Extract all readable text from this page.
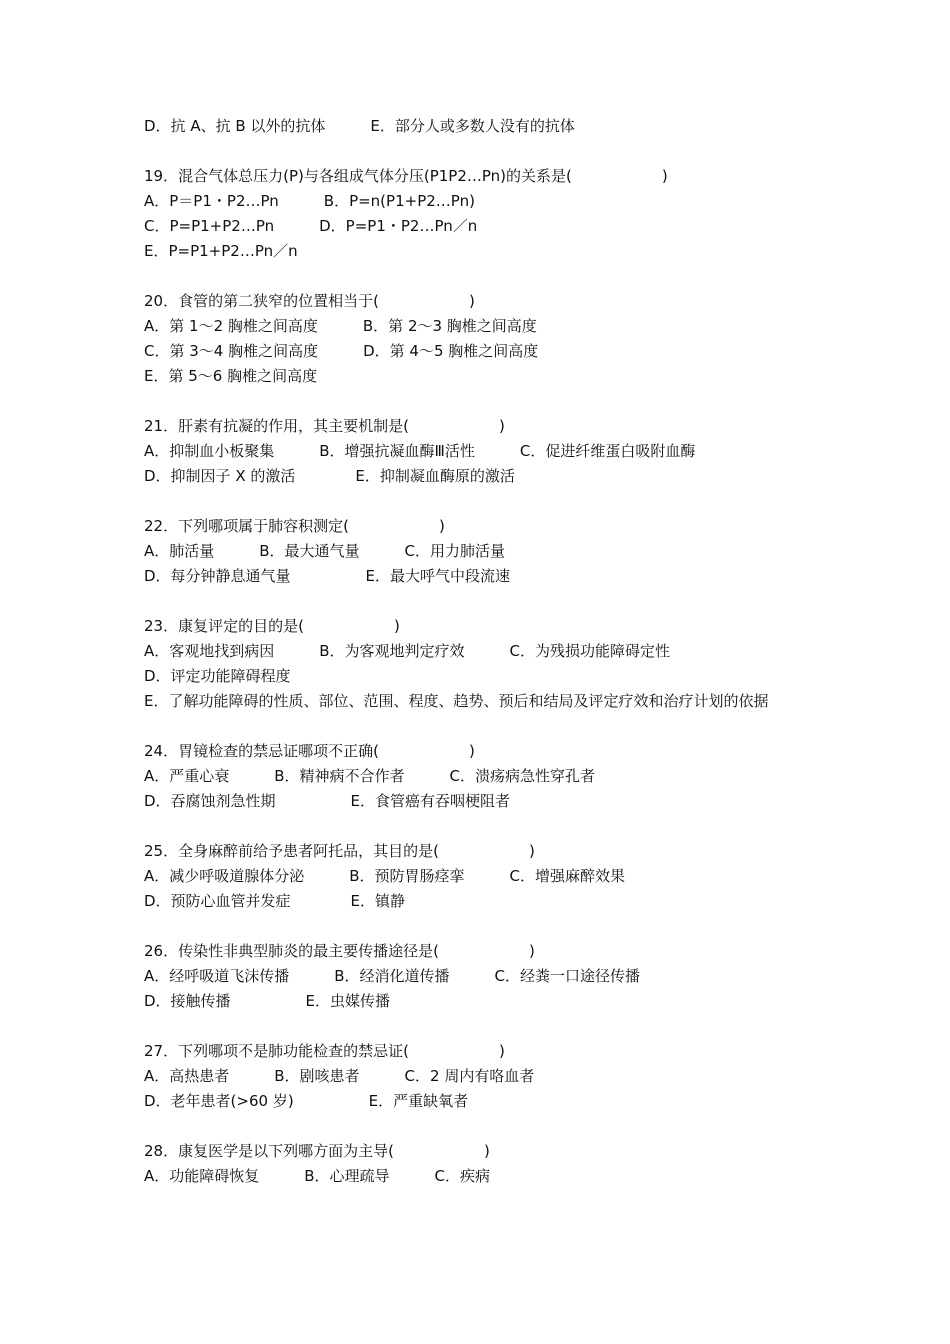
D．抗 A、抗 B 以外的抗体　　　E．部分人或多数人没有的抗体
19．混合气体总压力(P)与各组成气体分压(P1P2…Pn)的关系是(　　　　　　)
A．P＝P1・P2…Pn　　　B．P=n(P1+P2…Pn)
C．P=P1+P2…Pn　　　D．P=P1・P2…Pn／n
E．P=P1+P2…Pn／n
20．食管的第二狭窄的位置相当于(　　　　　　)
A．第 1～2 胸椎之间高度　　　B．第 2～3 胸椎之间高度
C．第 3～4 胸椎之间高度　　　D．第 4～5 胸椎之间高度
E．第 5～6 胸椎之间高度
21．肝素有抗凝的作用，其主要机制是(　　　　　　)
A．抑制血小板聚集　　　B．增强抗凝血酶Ⅲ活性　　　C．促进纤维蛋白吸附血酶
D．抑制因子 X 的激活　　　　E．抑制凝血酶原的激活
22．下列哪项属于肺容积测定(　　　　　　)
A．肺活量　　　B．最大通气量　　　C．用力肺活量
D．每分钟静息通气量　　　　　E．最大呼气中段流速
23．康复评定的目的是(　　　　　　)
A．客观地找到病因　　　B．为客观地判定疗效　　　C．为残损功能障碍定性
D．评定功能障碍程度
E．了解功能障碍的性质、部位、范围、程度、趋势、预后和结局及评定疗效和治疗计划的依据
24．胃镜检查的禁忌证哪项不正确(　　　　　　)
A．严重心衰　　　B．精神病不合作者　　　C．溃疡病急性穿孔者
D．吞腐蚀剂急性期　　　　　E．食管癌有吞咽梗阻者
25．全身麻醉前给予患者阿托品，其目的是(　　　　　　)
A．减少呼吸道腺体分泌　　　B．预防胃肠痉挛　　　C．增强麻醉效果
D．预防心血管并发症　　　　E．镇静
26．传染性非典型肺炎的最主要传播途径是(　　　　　　)
A．经呼吸道飞沫传播　　　B．经消化道传播　　　C．经粪一口途径传播
D．接触传播　　　　　E．虫媒传播
27．下列哪项不是肺功能检查的禁忌证(　　　　　　)
A．高热患者　　　B．剧咳患者　　　C．2 周内有咯血者
D．老年患者(>60 岁)　　　　　E．严重缺氧者
28．康复医学是以下列哪方面为主导(　　　　　　)
A．功能障碍恢复　　　B．心理疏导　　　C．疾病
